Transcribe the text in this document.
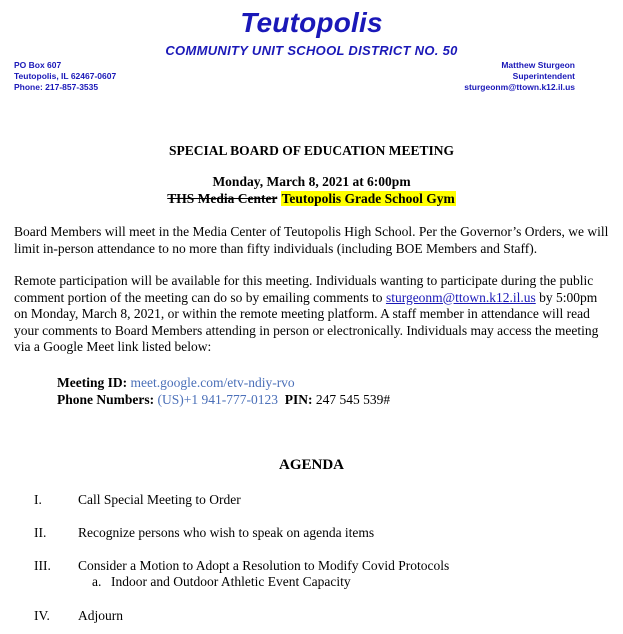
Teutopolis
COMMUNITY UNIT SCHOOL DISTRICT NO. 50
PO Box 607
Teutopolis, IL 62467-0607
Phone: 217-857-3535
Matthew Sturgeon
Superintendent
sturgeonm@ttown.k12.il.us
SPECIAL BOARD OF EDUCATION MEETING
Monday, March 8, 2021 at 6:00pm
THS Media Center Teutopolis Grade School Gym
Board Members will meet in the Media Center of Teutopolis High School. Per the Governor’s Orders, we will limit in-person attendance to no more than fifty individuals (including BOE Members and Staff).
Remote participation will be available for this meeting. Individuals wanting to participate during the public comment portion of the meeting can do so by emailing comments to sturgeonm@ttown.k12.il.us by 5:00pm on Monday, March 8, 2021, or within the remote meeting platform. A staff member in attendance will read your comments to Board Members attending in person or electronically. Individuals may access the meeting via a Google Meet link listed below:
Meeting ID: meet.google.com/etv-ndiy-rvo
Phone Numbers: (US)+1 941-777-0123 PIN: 247 545 539#
AGENDA
I.	Call Special Meeting to Order
II. Recognize persons who wish to speak on agenda items
III. Consider a Motion to Adopt a Resolution to Modify Covid Protocols
a. Indoor and Outdoor Athletic Event Capacity
IV. Adjourn
